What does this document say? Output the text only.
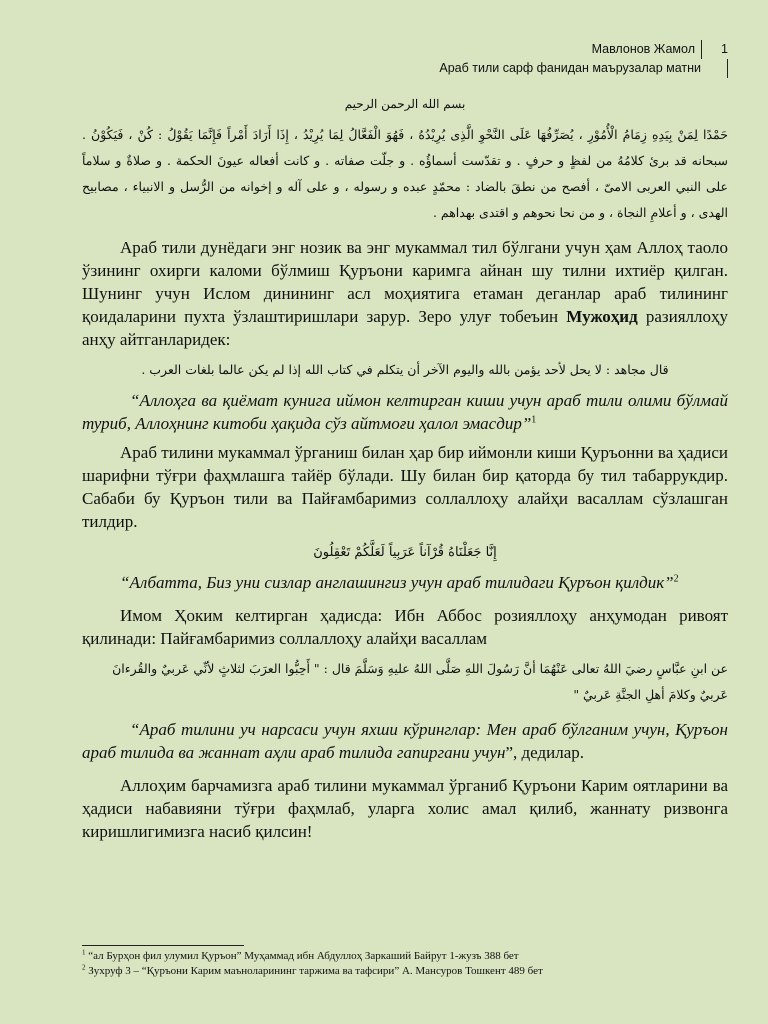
Мавлонов Жамол	1
Араб тили сарф фанидан маърузалар матни
بسم الله الرحمن الرحيم
حَمْدًا لِمَنْ بِيَدِهِ زِمَامُ الْأُمُوْرِ ، يُصَرِّفُهَا عَلَى النَّحْوِ الَّذِى يُرِيْدُهُ ، فَهُوَ الْفَعَّالُ لِمَا يُرِيْدُ ، إِذَا أَرَادَ أَمْراً فَإِنَّمَا يَقُوْلُ : كُنْ ، فَيَكُوْنُ . سبحانه قد برئ كلامُهُ من لفظٍ و حرفٍ . و تقدّست أسماؤُه . و جلّت صفاته . و كانت أفعاله عيونَ الحكمة . و صلاةٌ و سلاماً على النبي العربى الامىّ ، أفصح من نطقَ بالضاد : محمّدٍ عبده و رسوله ، و على آله و إخوانه من الرُّسل و الانبياء ، مصابيح الهدى ، و أعلامِ النجاة ، و من نحا نحوهم و اقتدى بهداهم .

Араб тили дунёдаги энг нозик ва энг мукаммал тил бўлгани учун ҳам Аллоҳ таоло ўзининг охирги каломи бўлмиш Қуръони каримга айнан шу тилни ихтиёр қилган. Шунинг учун Ислом динининг асл моҳиятига етаман деганлар араб тилининг қоидаларини пухта ўзлаштиришлари зарур. Зеро улуғ тобеъин Мужоҳид разияллоҳу анҳу айтганларидек:

قال مجاهد : لا يحل لأحد يؤمن بالله واليوم الآخر أن يتكلم في كتاب الله إذا لم يكن عالما بلغات العرب .

“Аллоҳга ва қиёмат кунига иймон келтирган киши учун араб тили олими бўлмай туриб, Аллоҳнинг китоби ҳақида сўз айтмоғи ҳалол эмасдир”$^1$

Араб тилини мукаммал ўрганиш билан ҳар бир иймонли киши Қуръонни ва ҳадиси шарифни тўғри фаҳмлашга тайёр бўлади. Шу билан бир қаторда бу тил табаррукдир. Сабаби бу Қуръон тили ва Пайғамбаримиз соллаллоҳу алайҳи васаллам сўзлашган тилдир.

إِنَّا جَعَلْنَاهُ قُرْآناً عَرَبِياً لَعَلَّكُمْ تَعْقِلُونَ

“Албатта, Биз уни сизлар англашингиз учун араб тилидаги Қуръон қилдик”$^2$

Имом Ҳоким келтирган ҳадисда: Ибн Аббос розияллоҳу анҳумодан ривоят қилинади: Пайғамбаримиз соллаллоҳу алайҳи васаллам

عن ابنِ عبَّاسٍ رضيَ اللهُ تعالى عَنْهُمَا أنَّ رَسُولَ اللهِ صَلَّى اللهُ عليهِ وَسَلَّمَ قال : " أَحِبُّوا العرَبَ لثلاثٍ لأنِّي عَربيٌ والقُرءانَ عَربيٌ وكلامَ أهلِ الجنَّةِ عَربيٌ "

“Араб тилини уч нарсаси учун яхши кўринглар: Мен араб бўлганим учун, Қуръон араб тилида ва жаннат аҳли араб тилида гапиргани учун”, дедилар.

Аллоҳим барчамизга араб тилини мукаммал ўрганиб Қуръони Карим оятларини ва ҳадиси набавияни тўғри фаҳмлаб, уларга холис амал қилиб, жаннату ризвонга киришлигимизга насиб қилсин!

$^1$ “ал Бурҳон фил улумил Қуръон” Муҳаммад ибн Абдуллоҳ Заркаший Байрут 1-жузъ 388 бет
$^2$ Зухруф 3 – “Қуръони Карим маъноларининг таржима ва тафсири” А. Мансуров Тошкент 489 бет
